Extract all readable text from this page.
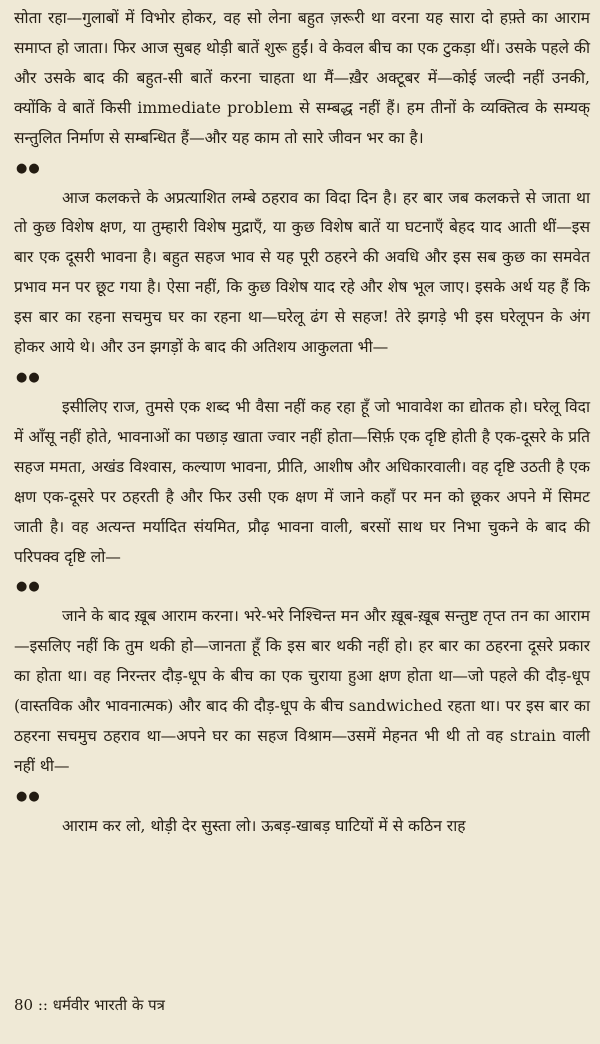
सोता रहा—गुलाबों में विभोर होकर, वह सो लेना बहुत ज़रूरी था वरना यह सारा दो हफ़्ते का आराम समाप्त हो जाता। फिर आज सुबह थोड़ी बातें शुरू हुईं। वे केवल बीच का एक टुकड़ा थीं। उसके पहले की और उसके बाद की बहुत-सी बातें करना चाहता था मैं—ख़ैर अक्टूबर में—कोई जल्दी नहीं उनकी, क्योंकि वे बातें किसी immediate problem से सम्बद्ध नहीं हैं। हम तीनों के व्यक्तित्व के सम्यक् सन्तुलित निर्माण से सम्बन्धित हैं—और यह काम तो सारे जीवन भर का है।

●●

आज कलकत्ते के अप्रत्याशित लम्बे ठहराव का विदा दिन है। हर बार जब कलकत्ते से जाता था तो कुछ विशेष क्षण, या तुम्हारी विशेष मुद्राएँ, या कुछ विशेष बातें या घटनाएँ बेहद याद आती थीं—इस बार एक दूसरी भावना है। बहुत सहज भाव से यह पूरी ठहरने की अवधि और इस सब कुछ का समवेत प्रभाव मन पर छूट गया है। ऐसा नहीं, कि कुछ विशेष याद रहे और शेष भूल जाए। इसके अर्थ यह हैं कि इस बार का रहना सचमुच घर का रहना था—घरेलू ढंग से सहज! तेरे झगड़े भी इस घरेलूपन के अंग होकर आये थे। और उन झगड़ों के बाद की अतिशय आकुलता भी—

●●

इसीलिए राज, तुमसे एक शब्द भी वैसा नहीं कह रहा हूँ जो भावावेश का द्योतक हो। घरेलू विदा में आँसू नहीं होते, भावनाओं का पछाड़ खाता ज्वार नहीं होता—सिर्फ़ एक दृष्टि होती है एक-दूसरे के प्रति सहज ममता, अखंड विश्वास, कल्याण भावना, प्रीति, आशीष और अधिकारवाली। वह दृष्टि उठती है एक क्षण एक-दूसरे पर ठहरती है और फिर उसी एक क्षण में जाने कहाँ पर मन को छूकर अपने में सिमट जाती है। वह अत्यन्त मर्यादित संयमित, प्रौढ़ भावना वाली, बरसों साथ घर निभा चुकने के बाद की परिपक्व दृष्टि लो—

●●

जाने के बाद ख़ूब आराम करना। भरे-भरे निश्चिन्त मन और ख़ूब-ख़ूब सन्तुष्ट तृप्त तन का आराम—इसलिए नहीं कि तुम थकी हो—जानता हूँ कि इस बार थकी नहीं हो। हर बार का ठहरना दूसरे प्रकार का होता था। वह निरन्तर दौड़-धूप के बीच का एक चुराया हुआ क्षण होता था—जो पहले की दौड़-धूप (वास्तविक और भावनात्मक) और बाद की दौड़-धूप के बीच sandwiched रहता था। पर इस बार का ठहरना सचमुच ठहराव था—अपने घर का सहज विश्राम—उसमें मेहनत भी थी तो वह strain वाली नहीं थी—

●●

आराम कर लो, थोड़ी देर सुस्ता लो। ऊबड़-खाबड़ घाटियों में से कठिन राह

80 :: धर्मवीर भारती के पत्र
